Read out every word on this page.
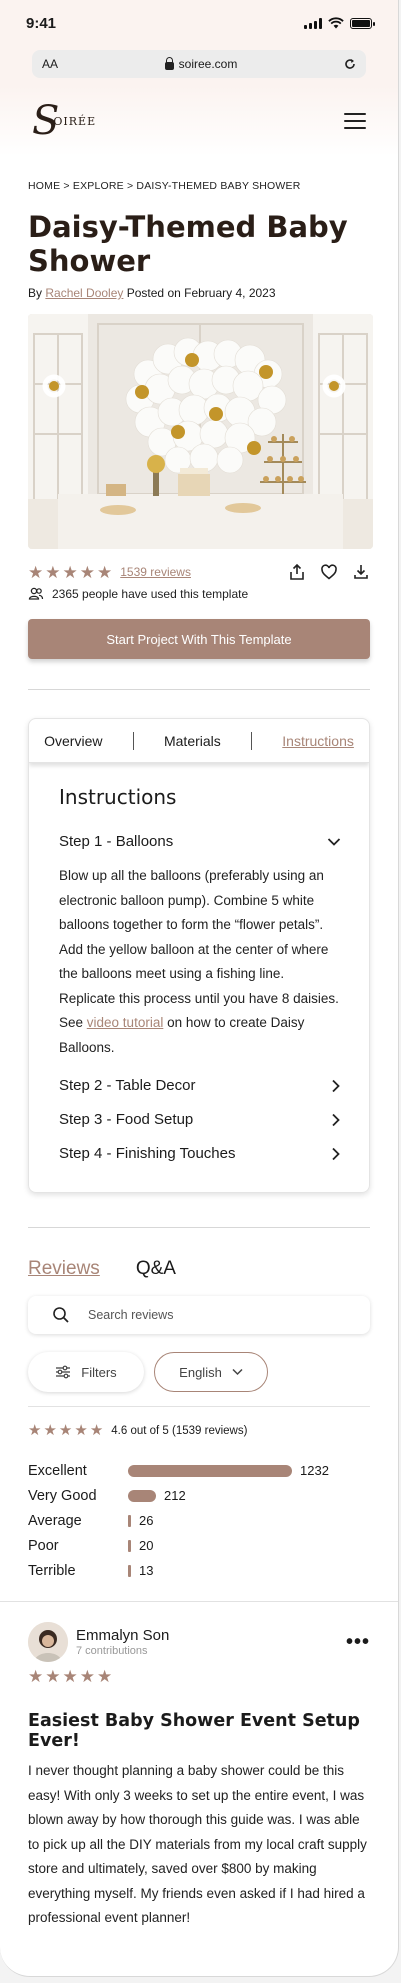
9:41
AA	soiree.com
S
OIRÉE
HOME > EXPLORE > DAISY-THEMED BABY SHOWER
Daisy-Themed Baby Shower
By Rachel Dooley Posted on February 4, 2023
★ ★ ★ ★ ★ 1539 reviews
2365 people have used this template
Start Project With This Template
Overview	Materials	Instructions
Instructions
Step 1 - Balloons
Blow up all the balloons (preferably using an electronic balloon pump). Combine 5 white balloons together to form the “flower petals”. Add the yellow balloon at the center of where the balloons meet using a fishing line. Replicate this process until you have 8 daisies. See video tutorial on how to create Daisy Balloons.
Step 2 - Table Decor
Step 3 - Food Setup
Step 4 - Finishing Touches
Reviews Q&A
Search reviews
Filters	English
★ ★ ★ ★ ★ 4.6 out of 5 (1539 reviews)
Excellent	1232
Very Good	212
Average	26
Poor	20
Terrible	13
Emmalyn Son
7 contributions	•••
★ ★ ★ ★ ★
Easiest Baby Shower Event Setup Ever!
I never thought planning a baby shower could be this easy! With only 3 weeks to set up the entire event, I was blown away by how thorough this guide was. I was able to pick up all the DIY materials from my local craft supply store and ultimately, saved over $800 by making everything myself. My friends even asked if I had hired a professional event planner!
